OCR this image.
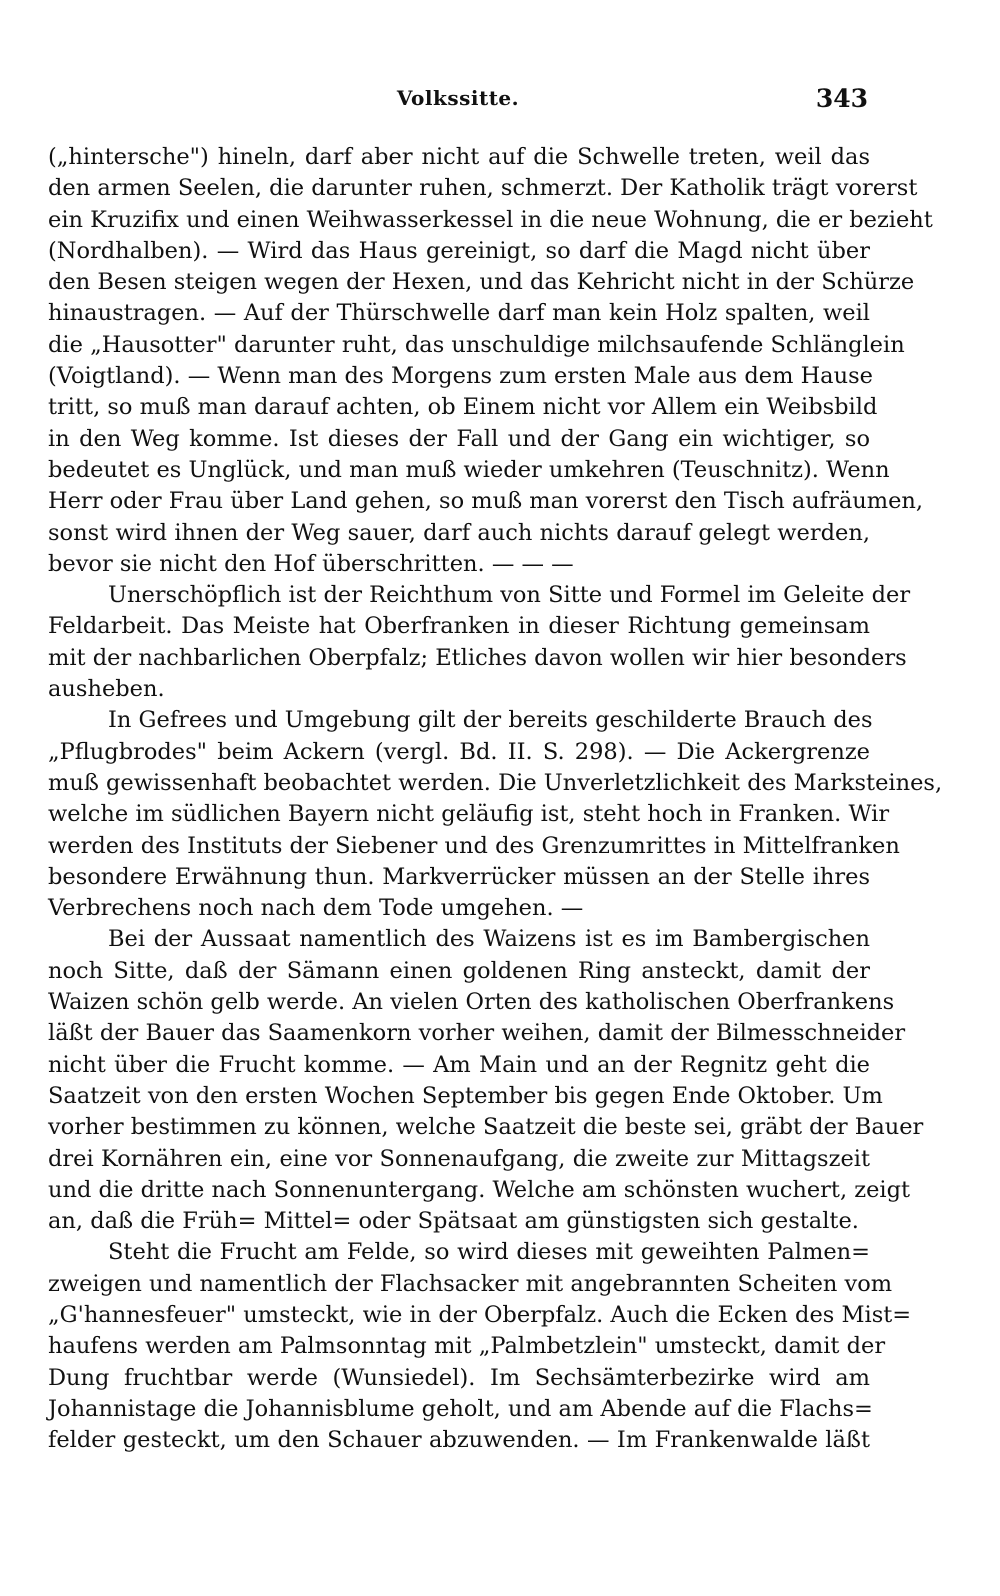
Volkssitte.	343
(„hintersche") hineln, darf aber nicht auf die Schwelle treten, weil das
den armen Seelen, die darunter ruhen, schmerzt. Der Katholik trägt vorerst
ein Kruzifix und einen Weihwasserkessel in die neue Wohnung, die er bezieht
(Nordhalben). — Wird das Haus gereinigt, so darf die Magd nicht über
den Besen steigen wegen der Hexen, und das Kehricht nicht in der Schürze
hinaustragen. — Auf der Thürschwelle darf man kein Holz spalten, weil
die „Hausotter" darunter ruht, das unschuldige milchsaufende Schlänglein
(Voigtland). — Wenn man des Morgens zum ersten Male aus dem Hause
tritt, so muß man darauf achten, ob Einem nicht vor Allem ein Weibsbild
in den Weg komme. Ist dieses der Fall und der Gang ein wichtiger, so
bedeutet es Unglück, und man muß wieder umkehren (Teuschnitz). Wenn
Herr oder Frau über Land gehen, so muß man vorerst den Tisch aufräumen,
sonst wird ihnen der Weg sauer, darf auch nichts darauf gelegt werden,
bevor sie nicht den Hof überschritten. — — —
Unerschöpflich ist der Reichthum von Sitte und Formel im Geleite der
Feldarbeit. Das Meiste hat Oberfranken in dieser Richtung gemeinsam
mit der nachbarlichen Oberpfalz; Etliches davon wollen wir hier besonders
ausheben.
In Gefrees und Umgebung gilt der bereits geschilderte Brauch des
„Pflugbrodes" beim Ackern (vergl. Bd. II. S. 298). — Die Ackergrenze
muß gewissenhaft beobachtet werden. Die Unverletzlichkeit des Marksteines,
welche im südlichen Bayern nicht geläufig ist, steht hoch in Franken. Wir
werden des Instituts der Siebener und des Grenzumrittes in Mittelfranken
besondere Erwähnung thun. Markverrücker müssen an der Stelle ihres
Verbrechens noch nach dem Tode umgehen. —
Bei der Aussaat namentlich des Waizens ist es im Bambergischen
noch Sitte, daß der Sämann einen goldenen Ring ansteckt, damit der
Waizen schön gelb werde. An vielen Orten des katholischen Oberfrankens
läßt der Bauer das Saamenkorn vorher weihen, damit der Bilmesschneider
nicht über die Frucht komme. — Am Main und an der Regnitz geht die
Saatzeit von den ersten Wochen September bis gegen Ende Oktober. Um
vorher bestimmen zu können, welche Saatzeit die beste sei, gräbt der Bauer
drei Kornähren ein, eine vor Sonnenaufgang, die zweite zur Mittagszeit
und die dritte nach Sonnenuntergang. Welche am schönsten wuchert, zeigt
an, daß die Früh= Mittel= oder Spätsaat am günstigsten sich gestalte.
Steht die Frucht am Felde, so wird dieses mit geweihten Palmen=
zweigen und namentlich der Flachsacker mit angebrannten Scheiten vom
„G'hannesfeuer" umsteckt, wie in der Oberpfalz. Auch die Ecken des Mist=
haufens werden am Palmsonntag mit „Palmbetzlein" umsteckt, damit der
Dung fruchtbar werde (Wunsiedel). Im Sechsämterbezirke wird am
Johannistage die Johannisblume geholt, und am Abende auf die Flachs=
felder gesteckt, um den Schauer abzuwenden. — Im Frankenwalde läßt
